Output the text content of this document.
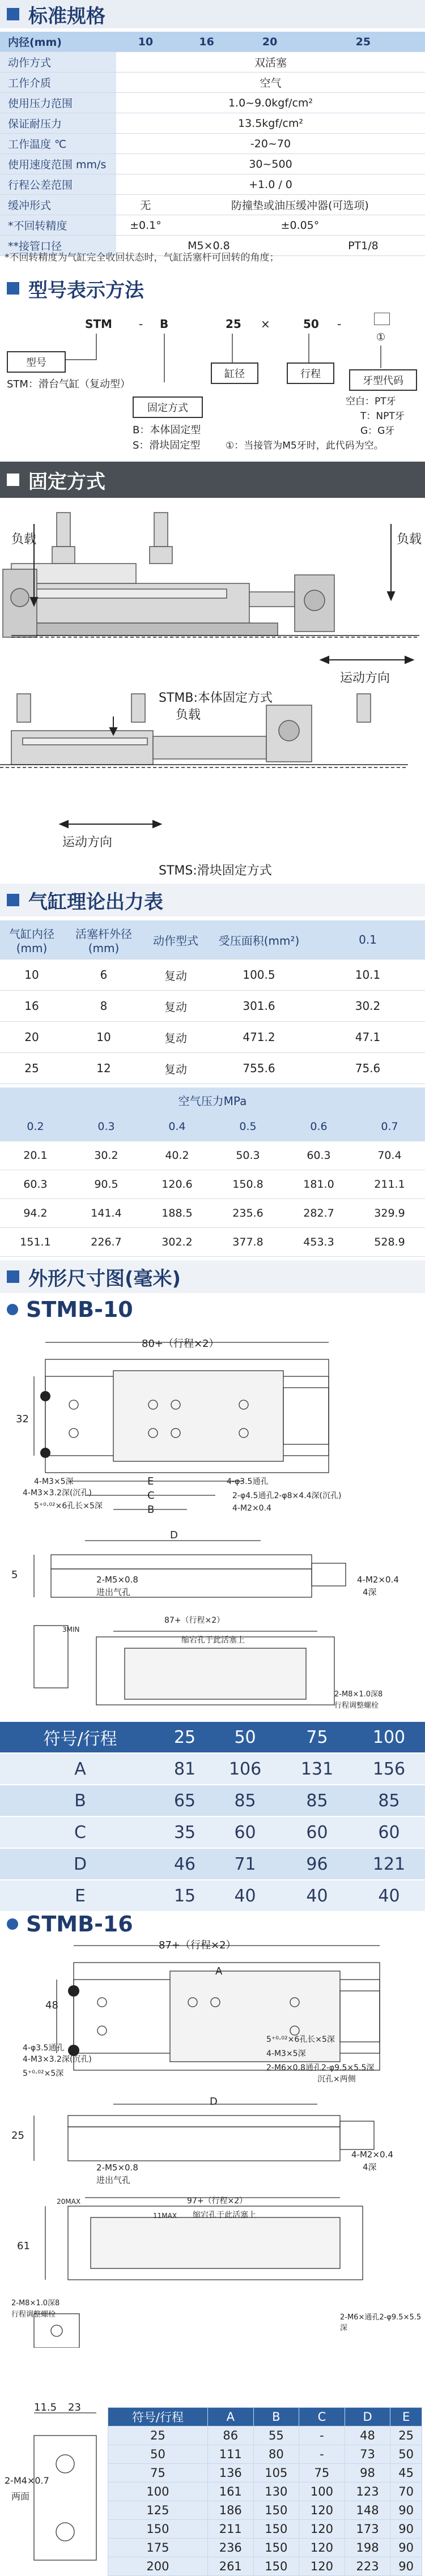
标准规格
内径(mm)	10	16	20	25
动作方式	双活塞			
工作介质	空气			
使用压力范围	1.0~9.0kgf/cm²			
保证耐压力	13.5kgf/cm²			
工作温度 ℃	-20~70			
使用速度范围 mm/s	30~500			
行程公差范围	+1.0 / 0			
缓冲形式	无	防撞垫或油压缓冲器(可选项)		
*不回转精度	±0.1°	±0.05°		
**接管口径	M5×0.8			PT1/8
*不回转精度为气缸完全收回状态时，气缸活塞杆可回转的角度；
型号表示方法
STM	B
-	25 ×	50 -
①
型号
STM：滑台气缸（复动型）
固定方式
B：本体固定型
S：滑块固定型
缸径	行程
牙型代码
空白：PT牙
T：NPT牙
G：G牙
①：当接管为M5牙时，此代码为空。
固定方式
负载	负载
运动方向
STMB:本体固定方式
负载
运动方向
STMS:滑块固定方式
气缸理论出力表
气缸内径(mm)	活塞杆外径(mm)	动作型式	受压面积(mm²)	0.1
10	6	复动	100.5	10.1
16	8	复动	301.6	30.2
20	10	复动	471.2	47.1
25	12	复动	755.6	75.6
空气压力MPa
0.2	0.3	0.4	0.5	0.6	0.7
20.1	30.2	40.2	50.3	60.3	70.4
60.3	90.5	120.6	150.8	181.0	211.1
94.2	141.4	188.5	235.6	282.7	329.9
151.1	226.7	302.2	377.8	453.3	528.9
外形尺寸图(毫米)
STMB-10
80+（行程×2）
32
E
C
B
4-M3×5深
4-M3×3.2深(沉孔)
5⁺⁰·⁰²×6孔长×5深
4-φ3.5通孔
2-φ4.5通孔2-φ8×4.4深(沉孔)
4-M2×0.4
D
5	2-M5×0.8
进出气孔
4-M2×0.4
4深
87+（行程×2）
缩宕孔于此活塞上
3MIN
2-M8×1.0深8
行程调整螺栓
符号/行程	25	50	75	100
A	81	106	131	156
B	65	85	85	85
C	35	60	60	60
D	46	71	96	121
E	15	40	40	40
STMB-16
87+（行程×2）
48
A
4-φ3.5通孔
4-M3×3.2深(沉孔)
5⁺⁰·⁰²×5深
5⁺⁰·⁰²×6孔长×5深
4-M3×5深
2-M6×0.8通孔2-φ9.5×5.5深
沉孔×两侧
25
D
2-M5×0.8
进出气孔
4-M2×0.4
4深
97+（行程×2）
缩宕孔于此活塞上
20MAX
11MAX
61
2-M8×1.0深8
行程调整螺栓	2-M6×通孔2-φ9.5×5.5深
11.5 23
2-M4×0.7
两面
符号/行程	A	B	C	D	E
25	86	55	-	48	25
50	111	80	-	73	50
75	136	105	75	98	45
100	161	130	100	123	70
125	186	150	120	148	90
150	211	150	120	173	90
175	236	150	120	198	90
200	261	150	120	223	90
